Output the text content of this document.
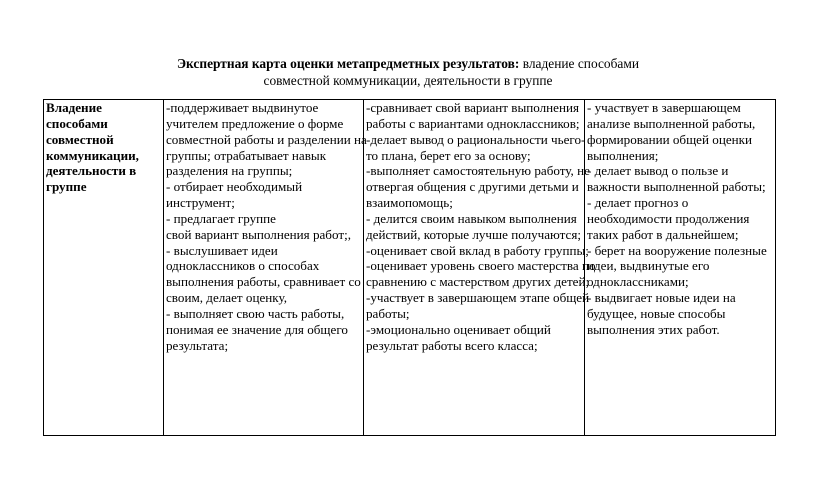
Экспертная карта оценки метапредметных результатов: владение способами
совместной коммуникации, деятельности в группе
Владение
способами
совместной
коммуникации,
деятельности в
группе

-поддерживает выдвинутое
учителем предложение о форме
совместной работы и разделении на
группы; отрабатывает навык
разделения на группы;
- отбирает необходимый
инструмент;
- предлагает группе
свой вариант выполнения работ;,
- выслушивает идеи
одноклассников о способах
выполнения работы, сравнивает со
своим, делает оценку,
- выполняет свою часть работы,
понимая ее значение для общего
результата;

-сравнивает свой вариант выполнения
работы с вариантами одноклассников;
-делает вывод о рациональности чьего-
то плана, берет его за основу;
-выполняет самостоятельную работу, не
отвергая общения с другими детьми и
взаимопомощь;
- делится своим навыком выполнения
действий, которые лучше получаются;
-оценивает свой вклад в работу группы;
-оценивает уровень своего мастерства по
сравнению с мастерством других детей;
-участвует в завершающем этапе общей
работы;
-эмоционально оценивает общий
результат работы всего класса;

- участвует в завершающем
анализе выполненной работы,
формировании общей оценки
выполнения;
- делает вывод о пользе и
важности выполненной работы;
- делает прогноз о
необходимости продолжения
таких работ в дальнейшем;
- берет на вооружение полезные
идеи, выдвинутые его
одноклассниками;
- выдвигает новые идеи на
будущее, новые способы
выполнения этих работ.
